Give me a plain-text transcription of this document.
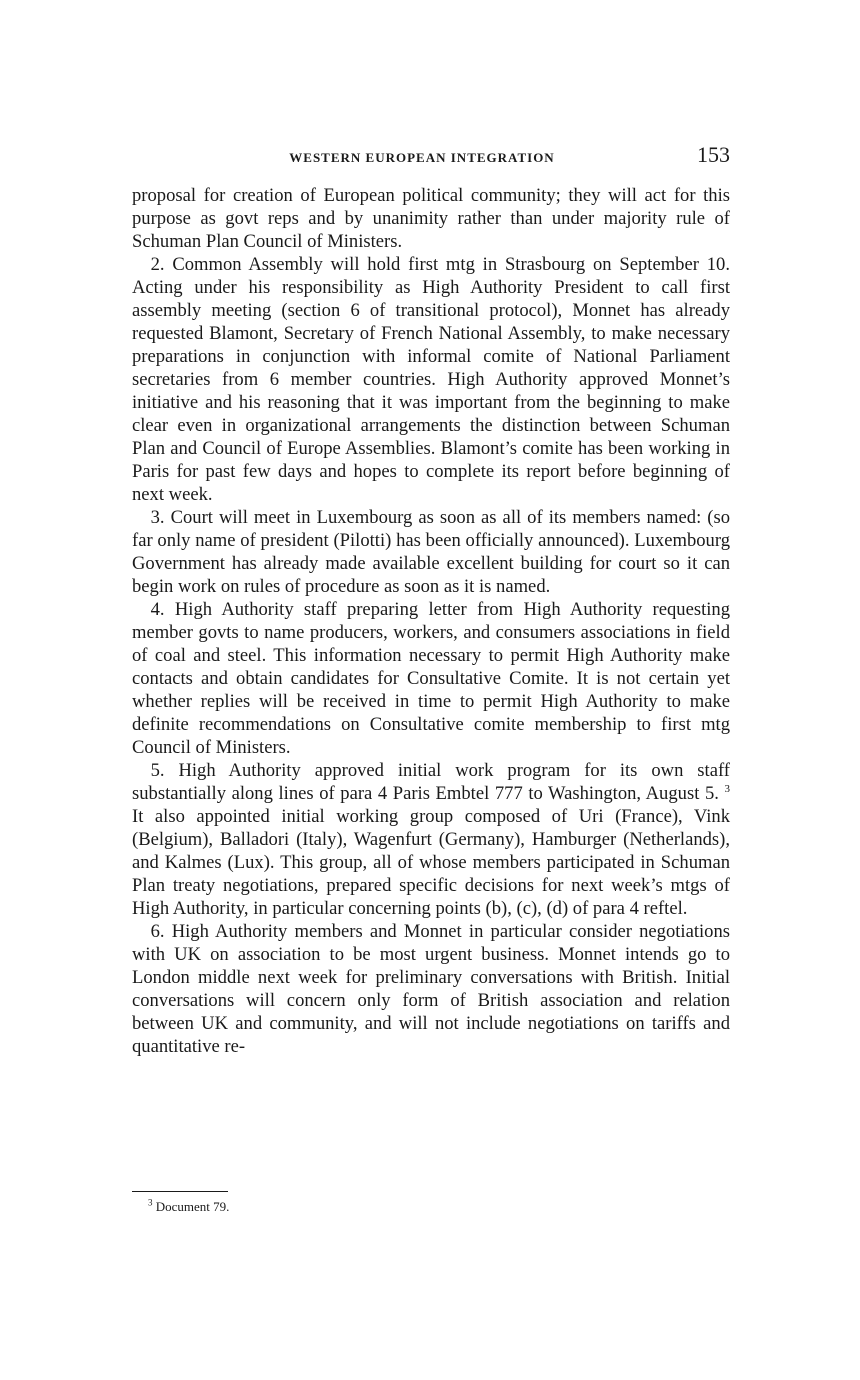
WESTERN EUROPEAN INTEGRATION	153

proposal for creation of European political community; they will act for this purpose as govt reps and by unanimity rather than under majority rule of Schuman Plan Council of Ministers.

2. Common Assembly will hold first mtg in Strasbourg on September 10. Acting under his responsibility as High Authority President to call first assembly meeting (section 6 of transitional protocol), Monnet has already requested Blamont, Secretary of French National Assembly, to make necessary preparations in conjunction with informal comite of National Parliament secretaries from 6 member countries. High Authority approved Monnet’s initiative and his reasoning that it was important from the beginning to make clear even in organizational arrangements the distinction between Schuman Plan and Council of Europe Assemblies. Blamont’s comite has been working in Paris for past few days and hopes to complete its report before beginning of next week.

3. Court will meet in Luxembourg as soon as all of its members named: (so far only name of president (Pilotti) has been officially announced). Luxembourg Government has already made available excellent building for court so it can begin work on rules of procedure as soon as it is named.

4. High Authority staff preparing letter from High Authority requesting member govts to name producers, workers, and consumers associations in field of coal and steel. This information necessary to permit High Authority make contacts and obtain candidates for Consultative Comite. It is not certain yet whether replies will be received in time to permit High Authority to make definite recommendations on Consultative comite membership to first mtg Council of Ministers.

5. High Authority approved initial work program for its own staff substantially along lines of para 4 Paris Embtel 777 to Washington, August 5. $^3$ It also appointed initial working group composed of Uri (France), Vink (Belgium), Balladori (Italy), Wagenfurt (Germany), Hamburger (Netherlands), and Kalmes (Lux). This group, all of whose members participated in Schuman Plan treaty negotiations, prepared specific decisions for next week’s mtgs of High Authority, in particular concerning points (b), (c), (d) of para 4 reftel.

6. High Authority members and Monnet in particular consider negotiations with UK on association to be most urgent business. Monnet intends go to London middle next week for preliminary conversations with British. Initial conversations will concern only form of British association and relation between UK and community, and will not include negotiations on tariffs and quantitative re-

$^3$ Document 79.
